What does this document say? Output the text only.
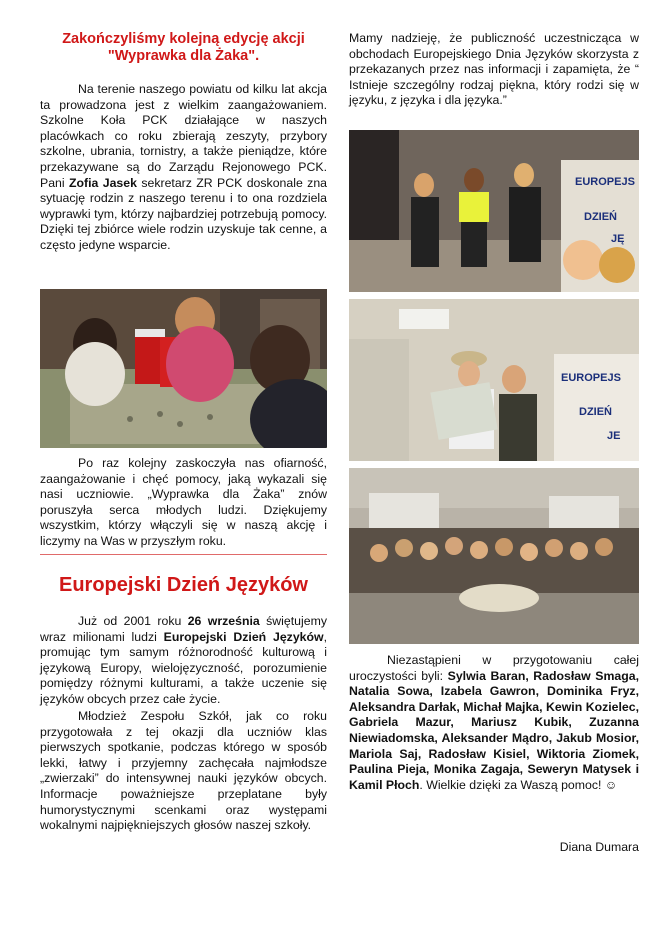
Zakończyliśmy kolejną edycję akcji
"Wyprawka dla Żaka".

Na terenie naszego powiatu od kilku lat akcja ta prowadzona jest z wielkim zaangażowaniem. Szkolne Koła PCK działające w naszych placówkach co roku zbierają zeszyty, przybory szkolne, ubrania, tornistry, a także pieniądze, które przekazywane są do Zarządu Rejonowego PCK. Pani Zofia Jasek sekretarz ZR PCK doskonale zna sytuację rodzin z naszego terenu i to ona rozdziela wyprawki tym, którzy najbardziej potrzebują pomocy. Dzięki tej zbiórce wiele rodzin uzyskuje tak cenne, a często jedyne wsparcie.

Po raz kolejny zaskoczyła nas ofiarność, zaangażowanie i chęć pomocy, jaką wykazali się nasi uczniowie. „Wyprawka dla Żaka” znów poruszyła serca młodych ludzi. Dziękujemy wszystkim, którzy włączyli się w naszą akcję i liczymy na Was w przyszłym roku.

Europejski Dzień Języków

Już od 2001 roku 26 września świętujemy wraz milionami ludzi Europejski Dzień Języków, promując tym samym różnorodność kulturową i językową Europy, wielojęzyczność, porozumienie pomiędzy różnymi kulturami, a także uczenie się języków obcych przez całe życie.

Młodzież Zespołu Szkół, jak co roku przygotowała z tej okazji dla uczniów klas pierwszych spotkanie, podczas którego w sposób lekki, łatwy i przyjemny zachęcała najmłodsze „zwierzaki” do intensywnej nauki języków obcych. Informacje poważniejsze przeplatane były humorystycznymi scenkami oraz występami wokalnymi najpiękniejszych głosów naszej szkoły.

Mamy nadzieję, że publiczność uczestnicząca w obchodach Europejskiego Dnia Języków skorzysta z przekazanych przez nas informacji i zapamięta, że “ Istnieje szczególny rodzaj piękna, który rodzi się w języku, z języka i dla języka.”

EUROPEJS
DZIEŃ
JĘ
EUROPEJS
DZIEŃ
JE

Niezastąpieni w przygotowaniu całej uroczystości byli: Sylwia Baran, Radosław Smaga, Natalia Sowa, Izabela Gawron, Dominika Fryz, Aleksandra Darłak, Michał Majka, Kewin Kozielec, Gabriela Mazur, Mariusz Kubik, Zuzanna Niewiadomska, Aleksander Mądro, Jakub Mosior, Mariola Saj, Radosław Kisiel, Wiktoria Ziomek, Paulina Pieja, Monika Zagaja, Seweryn Matysek i Kamil Płoch. Wielkie dzięki za Waszą pomoc! ☺

Diana Dumara
